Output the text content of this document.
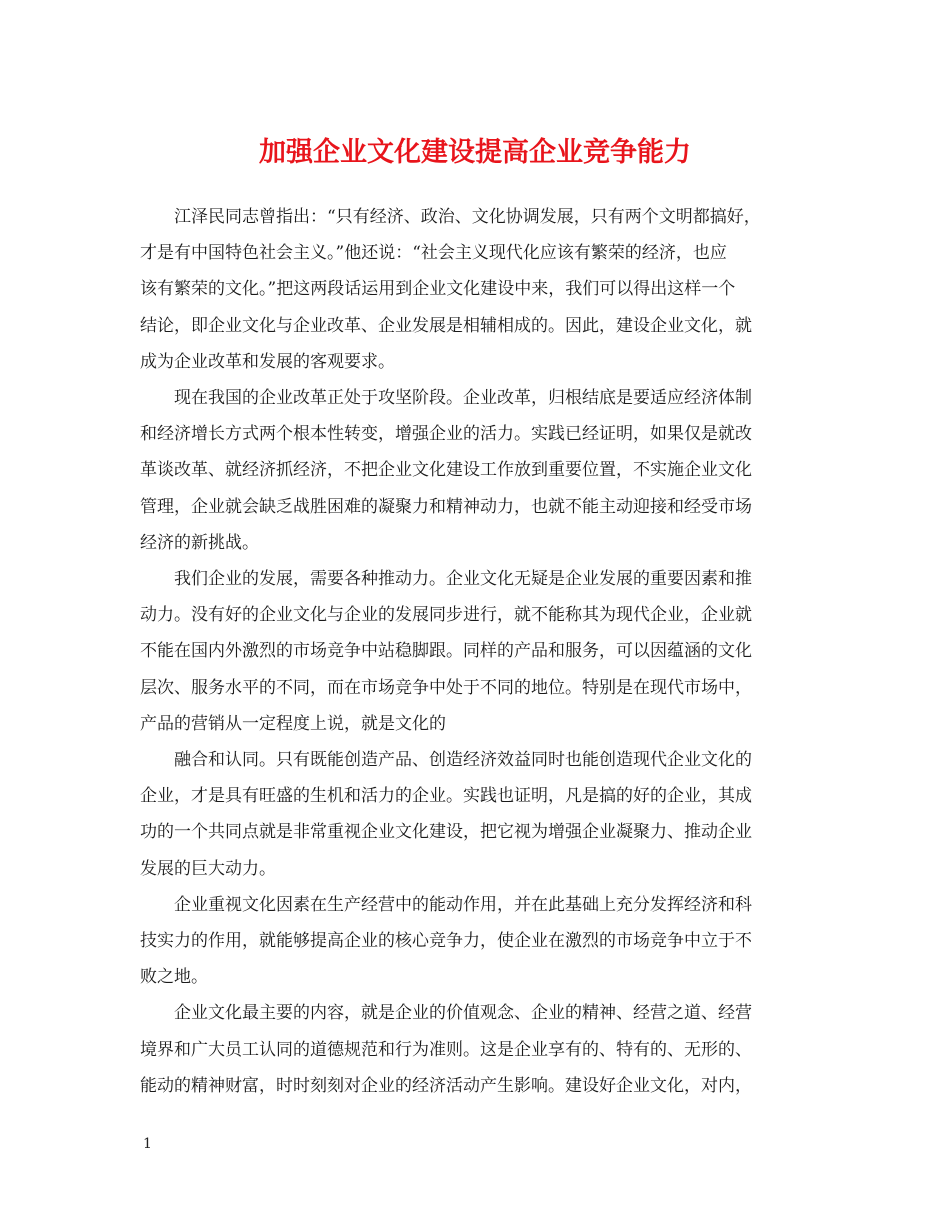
加强企业文化建设提高企业竞争能力

江泽民同志曾指出：“只有经济、政治、文化协调发展，只有两个文明都搞好，
才是有中国特色社会主义。”他还说：“社会主义现代化应该有繁荣的经济，也应
该有繁荣的文化。”把这两段话运用到企业文化建设中来，我们可以得出这样一个
结论，即企业文化与企业改革、企业发展是相辅相成的。因此，建设企业文化，就
成为企业改革和发展的客观要求。

现在我国的企业改革正处于攻坚阶段。企业改革，归根结底是要适应经济体制
和经济增长方式两个根本性转变，增强企业的活力。实践已经证明，如果仅是就改
革谈改革、就经济抓经济，不把企业文化建设工作放到重要位置，不实施企业文化
管理，企业就会缺乏战胜困难的凝聚力和精神动力，也就不能主动迎接和经受市场
经济的新挑战。

我们企业的发展，需要各种推动力。企业文化无疑是企业发展的重要因素和推
动力。没有好的企业文化与企业的发展同步进行，就不能称其为现代企业，企业就
不能在国内外激烈的市场竞争中站稳脚跟。同样的产品和服务，可以因蕴涵的文化
层次、服务水平的不同，而在市场竞争中处于不同的地位。特别是在现代市场中，
产品的营销从一定程度上说，就是文化的

融合和认同。只有既能创造产品、创造经济效益同时也能创造现代企业文化的
企业，才是具有旺盛的生机和活力的企业。实践也证明，凡是搞的好的企业，其成
功的一个共同点就是非常重视企业文化建设，把它视为增强企业凝聚力、推动企业
发展的巨大动力。

企业重视文化因素在生产经营中的能动作用，并在此基础上充分发挥经济和科
技实力的作用，就能够提高企业的核心竞争力，使企业在激烈的市场竞争中立于不
败之地。

企业文化最主要的内容，就是企业的价值观念、企业的精神、经营之道、经营
境界和广大员工认同的道德规范和行为准则。这是企业享有的、特有的、无形的、
能动的精神财富，时时刻刻对企业的经济活动产生影响。建设好企业文化，对内，

1
